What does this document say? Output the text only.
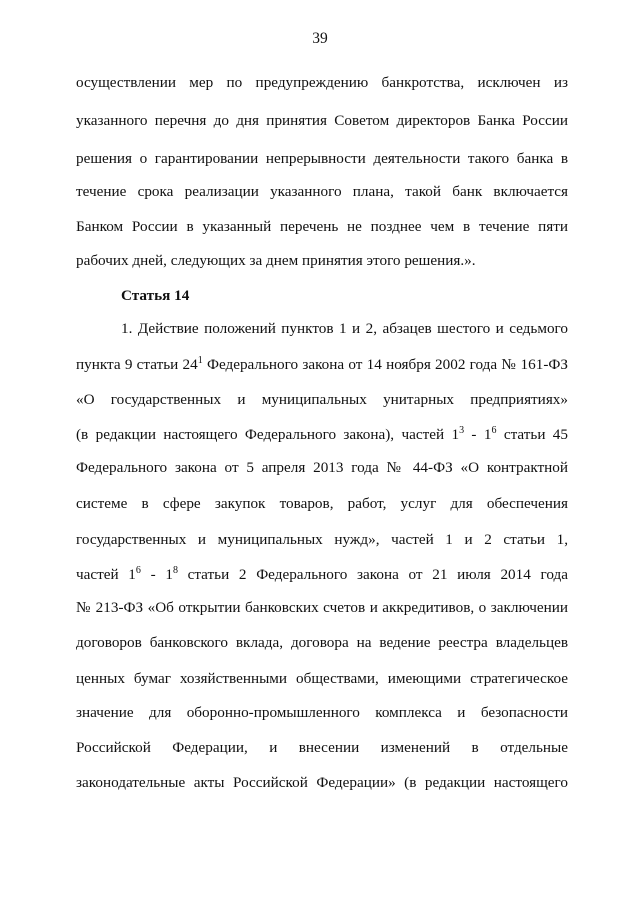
39
осуществлении мер по предупреждению банкротства, исключен из
указанного перечня до дня принятия Советом директоров Банка России
решения о гарантировании непрерывности деятельности такого банка в
течение срока реализации указанного плана, такой банк включается
Банком России в указанный перечень не позднее чем в течение пяти
рабочих дней, следующих за днем принятия этого решения.».
Статья 14
1. Действие положений пунктов 1 и 2, абзацев шестого и седьмого
пункта 9 статьи $24^1$ Федерального закона от 14 ноября 2002 года № 161-ФЗ
«О государственных и муниципальных унитарных предприятиях»
(в редакции настоящего Федерального закона), частей $1^3 - 1^6$ статьи 45
Федерального закона от 5 апреля 2013 года № 44-ФЗ «О контрактной
системе в сфере закупок товаров, работ, услуг для обеспечения
государственных и муниципальных нужд», частей 1 и 2 статьи 1,
частей $1^6 - 1^8$ статьи 2 Федерального закона от 21 июля 2014 года
№ 213-ФЗ «Об открытии банковских счетов и аккредитивов, о заключении
договоров банковского вклада, договора на ведение реестра владельцев
ценных бумаг хозяйственными обществами, имеющими стратегическое
значение для оборонно-промышленного комплекса и безопасности
Российской Федерации, и внесении изменений в отдельные
законодательные акты Российской Федерации» (в редакции настоящего
